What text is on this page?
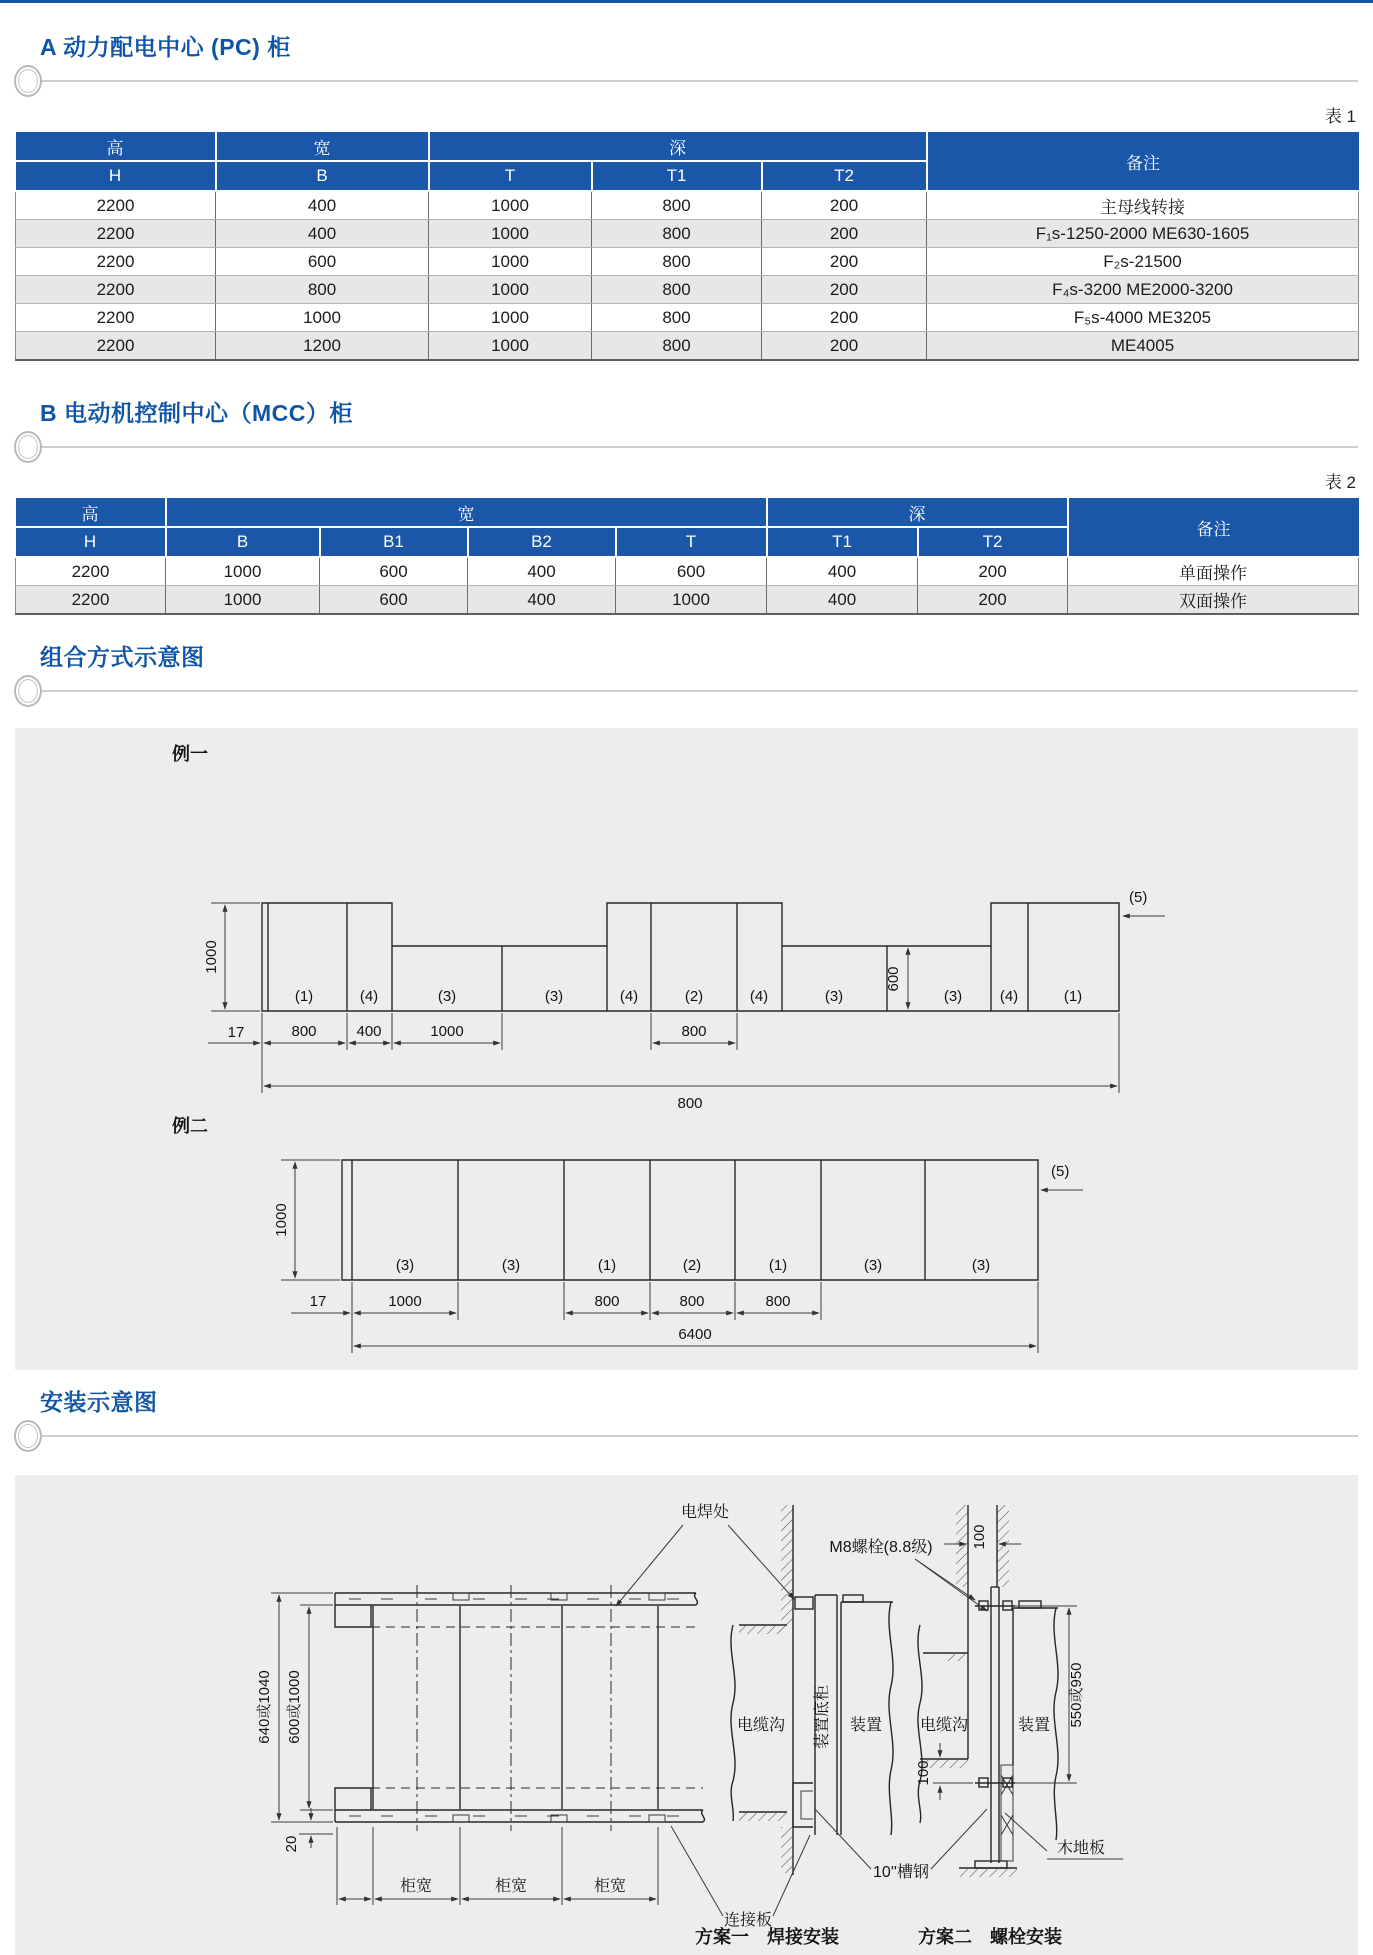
A 动力配电中心 (PC) 柜
表 1
高	宽	深			备注
H	B	T	T1	T2	
2200	400	1000	800	200	主母线转接
2200	400	1000	800	200	F₁s-1250-2000 ME630-1605
2200	600	1000	800	200	F₂s-21500
2200	800	1000	800	200	F₄s-3200 ME2000-3200
2200	1000	1000	800	200	F₅s-4000 ME3205
2200	1200	1000	800	200	ME4005
B 电动机控制中心（MCC）柜
表 2
高	宽				深		备注
H	B	B1	B2	T	T1	T2	
2200	1000	600	400	600	400	200	单面操作
2200	1000	600	400	1000	400	200	双面操作
组合方式示意图
例一
(1)	(4)	(3)	(3)	(4)	(2)	(4)	(3)	(3)	(4)	(1)
1000
600
(5)
17	800	400	1000	800
800
例二
(3)	(3)	(1)	(2)	(1)	(3)	(3)
1000
(5)
17	1000	800	800	800
6400
安装示意图
640或1040 600或1000
20
柜宽	柜宽	柜宽
电焊处
装置底柜
电缆沟	装置
连接板
方案一　焊接安装
100
电缆沟
M8螺栓(8.8级)
装置 550或950
100
木地板
10''槽钢
方案二　螺栓安装
